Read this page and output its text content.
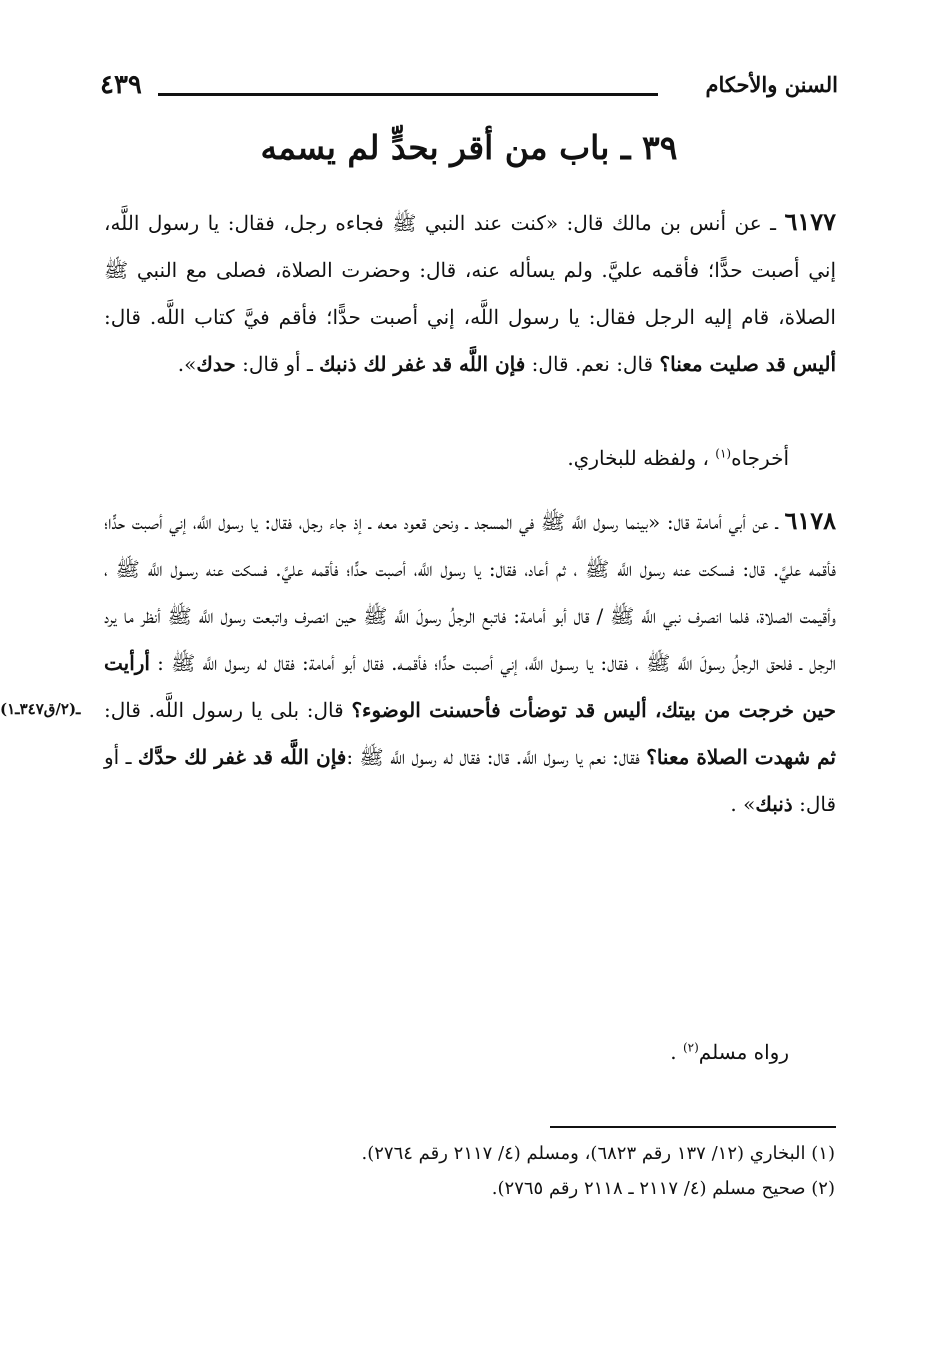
السنن والأحكام
٤٣٩
٣٩ ـ باب من أقر بحدٍّ لم يسمه
٦١٧٧ ـ عن أنس بن مالك قال: «كنت عند النبي ﷺ فجاءه رجل، فقال: يا رسول اللَّه، إني أصبت حدًّا؛ فأقمه عليَّ. ولم يسأله عنه، قال: وحضرت الصلاة، فصلى مع النبي ﷺ الصلاة، قام إليه الرجل فقال: يا رسول اللَّه، إني أصبت حدًّا؛ فأقم فيَّ كتاب اللَّه. قال: أليس قد صليت معنا؟ قال: نعم. قال: فإن اللَّه قد غفر لك ذنبك ـ أو قال: حدك».
أخرجاه$^{(١)}$ ، ولفظه للبخاري.
٦١٧٨ ـ عن أبي أمامة قال: «بينما رسول اللَّه ﷺ في المسجد ـ ونحن قعود معه ـ إذ جاء رجل، فقال: يا رسول اللَّه، إني أصبت حدًّا؛ فأقمه عليَّ. قال: فسكت عنه رسول اللَّه ﷺ ، ثم أعاد، فقال: يا رسول اللَّه، أصبت حدًّا؛ فأقمه عليَّ. فسكت عنه رسـول اللَّه ﷺ ، وأقيمت الصلاة، فلما انصرف نبي اللَّه ﷺ / قال أبو أمامة: فاتبع الرجلُ رسولَ اللَّه ﷺ حين انصرف واتبعت رسول اللَّه ﷺ أنظر ما يرد الرجل ـ فلحق الرجلُ رسولَ اللَّه ﷺ ، فقال: يا رسـول اللَّه، إني أصبت حدًّا؛ فأقمـه. فقال أبو أمامة: فقال له رسول اللَّه ﷺ : أرأيت حين خرجت من بيتك، أليس قد توضأت فأحسنت الوضوء؟ قال: بلى يا رسول اللَّه. قال: ثم شهدت الصلاة معنا؟ فقال: نعم يا رسول اللَّه. قال: فقال له رسول اللَّه ﷺ :فإن اللَّه قد غفر لك حدَّك ـ أو قال: ذنبك» .
ـ(٢/ق٣٤٧ـ١)
رواه مسلم$^{(٢)}$ .
(١) البخاري (١٢/ ١٣٧ رقم ٦٨٢٣)، ومسلم (٤/ ٢١١٧ رقم ٢٧٦٤).
(٢) صحيح مسلم (٤/ ٢١١٧ ـ ٢١١٨ رقم ٢٧٦٥).
